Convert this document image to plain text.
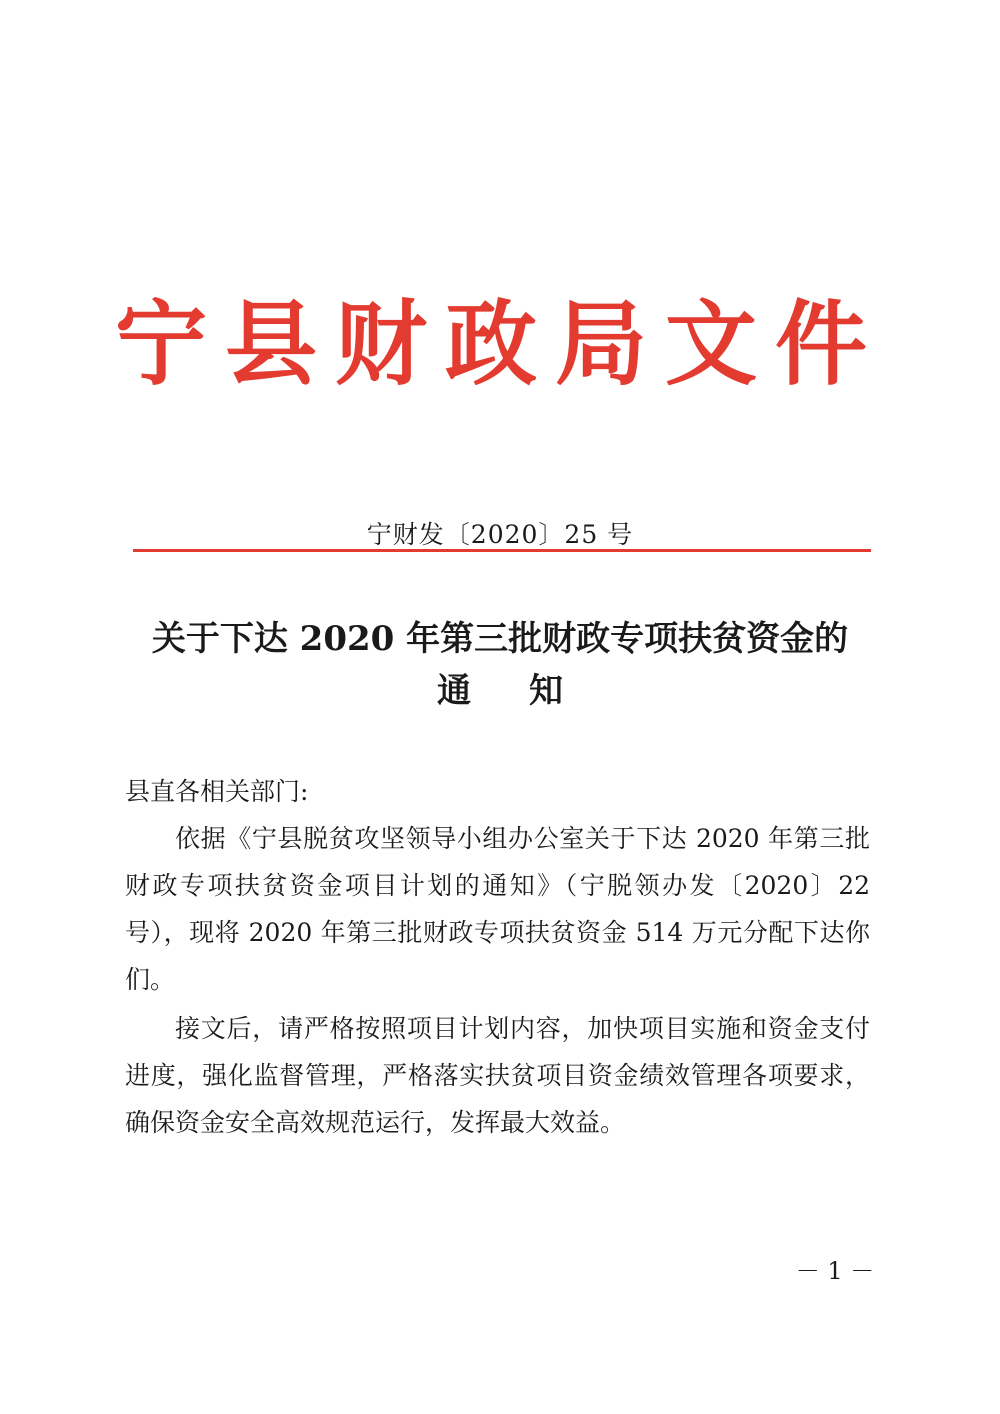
宁县财政局文件
宁财发〔2020〕25 号
关于下达 2020 年第三批财政专项扶贫资金的
通知

县直各相关部门:

依据《宁县脱贫攻坚领导小组办公室关于下达 2020 年第三批财政专项扶贫资金项目计划的通知》（宁脱领办发〔2020〕22 号），现将 2020 年第三批财政专项扶贫资金 514 万元分配下达你们。

接文后，请严格按照项目计划内容，加快项目实施和资金支付进度，强化监督管理，严格落实扶贫项目资金绩效管理各项要求，确保资金安全高效规范运行，发挥最大效益。

－ 1 －
